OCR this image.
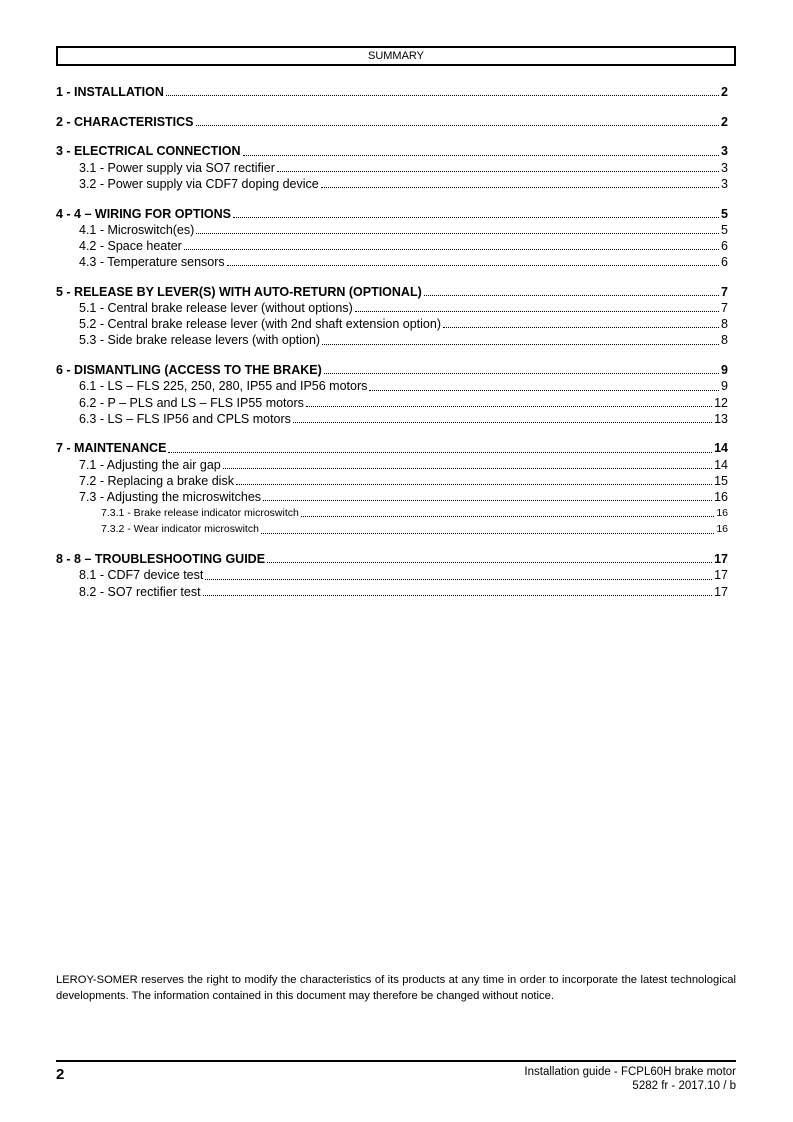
SUMMARY
1 - INSTALLATION	2
2 - CHARACTERISTICS	2
3 - ELECTRICAL CONNECTION	3
3.1 - Power supply via SO7 rectifier	3
3.2 - Power supply via CDF7 doping device	3
4 - 4 – WIRING FOR OPTIONS	5
4.1 - Microswitch(es)	5
4.2 - Space heater	6
4.3 - Temperature sensors	6
5 - RELEASE BY LEVER(S) WITH AUTO-RETURN (OPTIONAL)	7
5.1 - Central brake release lever (without options)	7
5.2 - Central brake release lever (with 2nd shaft extension option)	8
5.3 - Side brake release levers (with option)	8
6 - DISMANTLING (ACCESS TO THE BRAKE)	9
6.1 - LS – FLS 225, 250, 280, IP55 and IP56 motors	9
6.2 - P – PLS and LS – FLS IP55 motors	12
6.3 - LS – FLS IP56 and CPLS motors	13
7 - MAINTENANCE	14
7.1 - Adjusting the air gap	14
7.2 - Replacing a brake disk	15
7.3 - Adjusting the microswitches	16
7.3.1 - Brake release indicator microswitch	16
7.3.2 - Wear indicator microswitch	16
8 - 8 – TROUBLESHOOTING GUIDE	17
8.1 - CDF7 device test	17
8.2 - SO7 rectifier test	17
LEROY-SOMER reserves the right to modify the characteristics of its products at any time in order to incorporate the latest technological developments. The information contained in this document may therefore be changed without notice.
2	Installation guide - FCPL60H brake motor
5282 fr - 2017.10 / b
